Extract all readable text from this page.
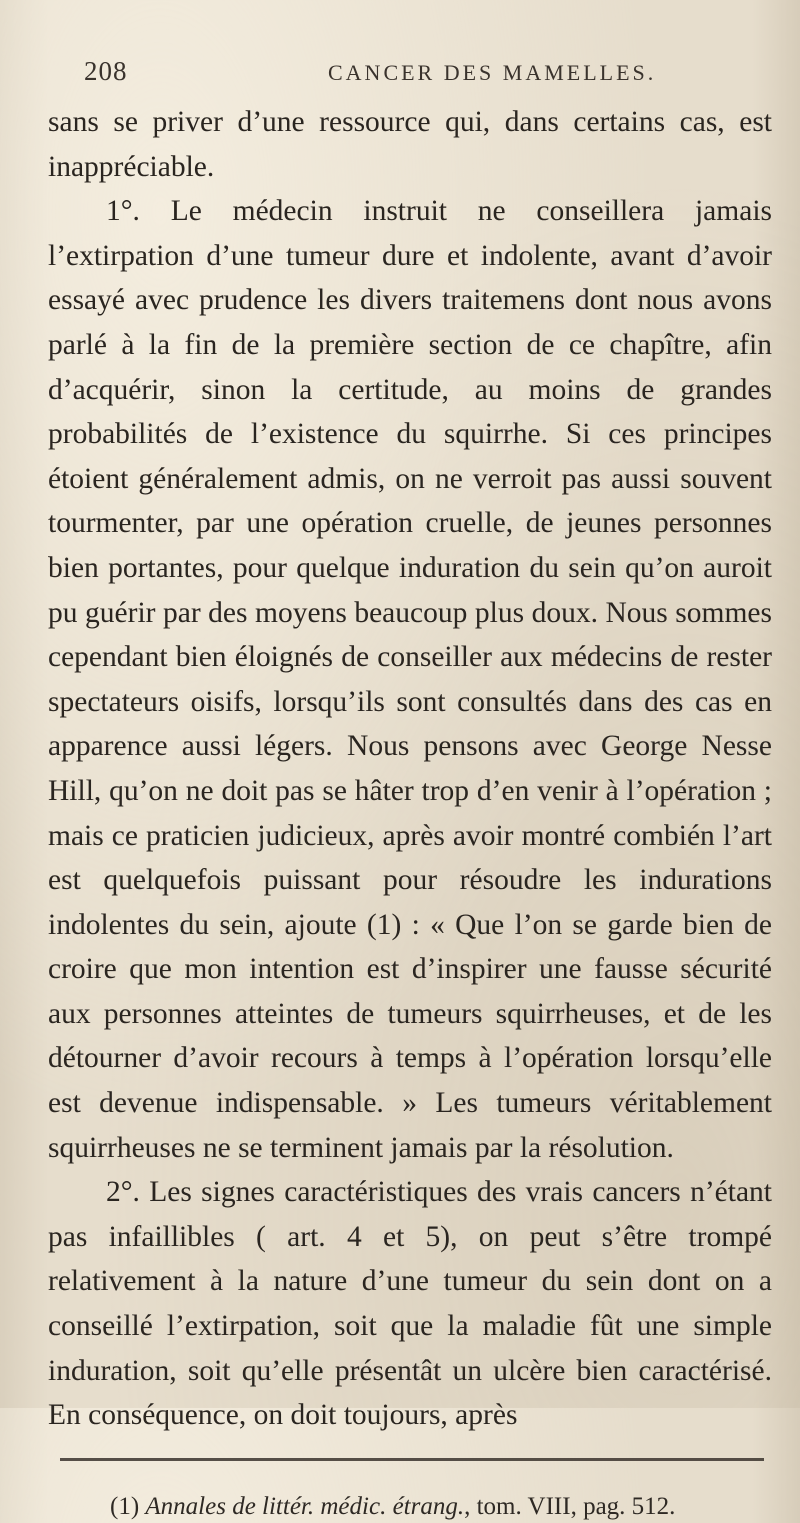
208	CANCER DES MAMELLES.

sans se priver d’une ressource qui, dans certains cas, est inappréciable.

1°. Le médecin instruit ne conseillera jamais l’extirpation d’une tumeur dure et indolente, avant d’avoir essayé avec prudence les divers traitemens dont nous avons parlé à la fin de la première section de ce chapître, afin d’acquérir, sinon la certitude, au moins de grandes probabilités de l’existence du squirrhe. Si ces principes étoient généralement admis, on ne verroit pas aussi souvent tourmenter, par une opération cruelle, de jeunes personnes bien portantes, pour quelque induration du sein qu’on auroit pu guérir par des moyens beaucoup plus doux. Nous sommes cependant bien éloignés de conseiller aux médecins de rester spectateurs oisifs, lorsqu’ils sont consultés dans des cas en apparence aussi légers. Nous pensons avec George Nesse Hill, qu’on ne doit pas se hâter trop d’en venir à l’opération ; mais ce praticien judicieux, après avoir montré combién l’art est quelquefois puissant pour résoudre les indurations indolentes du sein, ajoute (1) : « Que l’on se garde bien de croire que mon intention est d’inspirer une fausse sécurité aux personnes atteintes de tumeurs squirrheuses, et de les détourner d’avoir recours à temps à l’opération lorsqu’elle est devenue indispensable. » Les tumeurs véritablement squirrheuses ne se terminent jamais par la résolution.

2°. Les signes caractéristiques des vrais cancers n’étant pas infaillibles ( art. 4 et 5), on peut s’être trompé relativement à la nature d’une tumeur du sein dont on a conseillé l’extirpation, soit que la maladie fût une simple induration, soit qu’elle présentât un ulcère bien caractérisé. En conséquence, on doit toujours, après

(1) Annales de littér. médic. étrang., tom. VIII, pag. 512.
